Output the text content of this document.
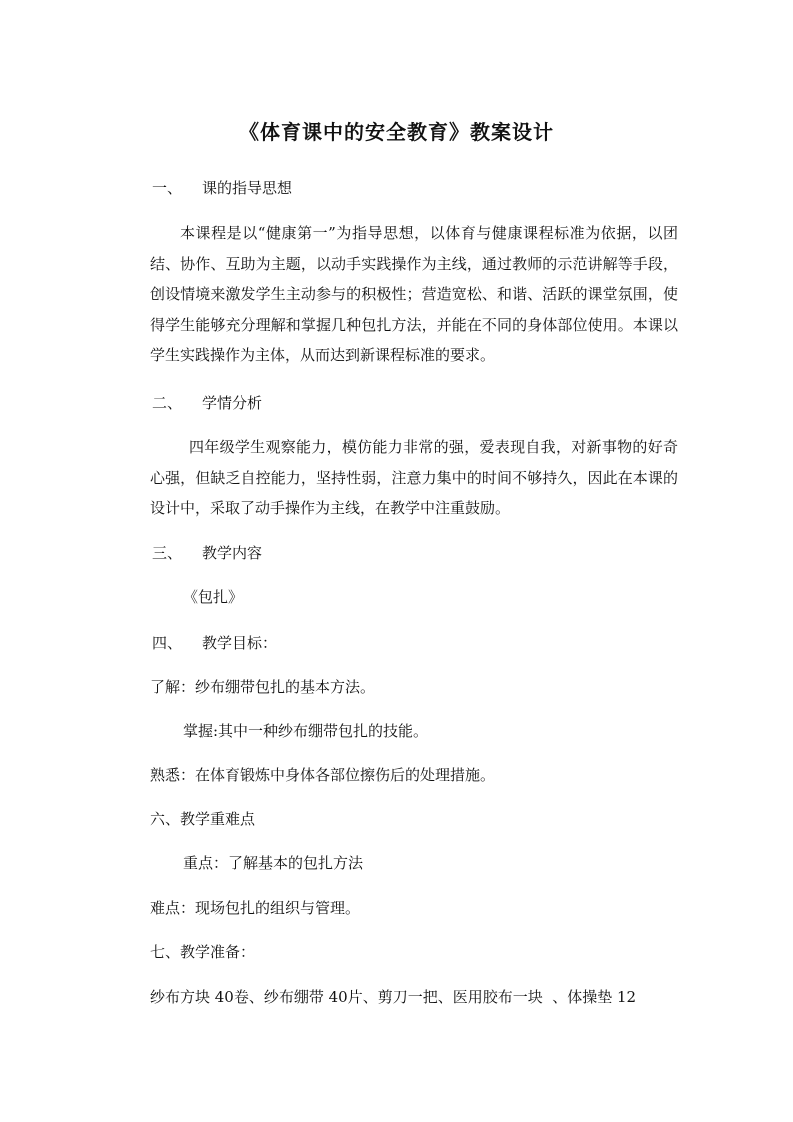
《体育课中的安全教育》教案设计
一、 课的指导思想
本课程是以“健康第一”为指导思想，以体育与健康课程标准为依据，以团结、协作、互助为主题，以动手实践操作为主线，通过教师的示范讲解等手段，创设情境来激发学生主动参与的积极性；营造宽松、和谐、活跃的课堂氛围，使得学生能够充分理解和掌握几种包扎方法，并能在不同的身体部位使用。本课以学生实践操作为主体，从而达到新课程标准的要求。
二、 学情分析
四年级学生观察能力，模仿能力非常的强，爱表现自我，对新事物的好奇心强，但缺乏自控能力，坚持性弱，注意力集中的时间不够持久，因此在本课的设计中，采取了动手操作为主线，在教学中注重鼓励。
三、 教学内容
《包扎》
四、 教学目标：
了解：纱布绷带包扎的基本方法。
掌握:其中一种纱布绷带包扎的技能。
熟悉：在体育锻炼中身体各部位擦伤后的处理措施。
六、教学重难点
重点：了解基本的包扎方法
难点：现场包扎的组织与管理。
七、教学准备：
纱布方块 40卷、纱布绷带 40片、剪刀一把、医用胶布一块  、体操垫 12
